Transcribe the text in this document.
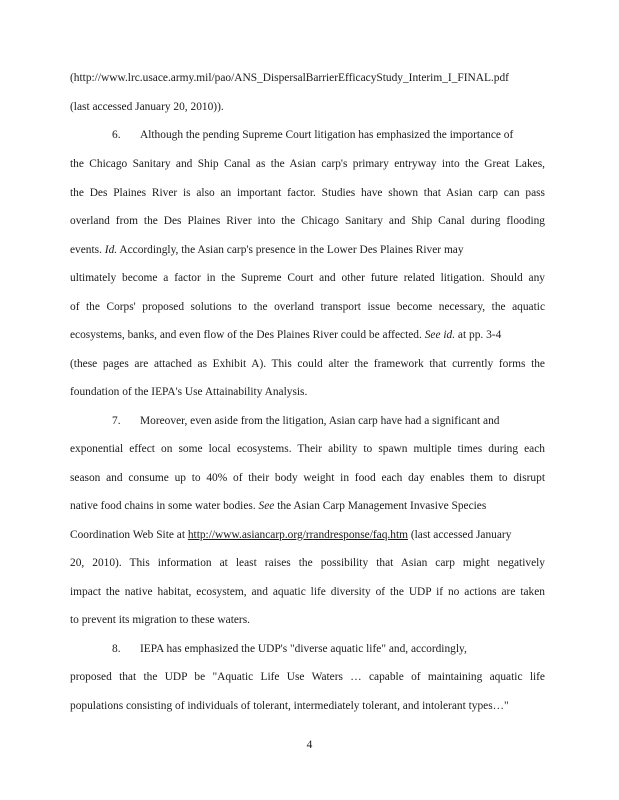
(http://www.lrc.usace.army.mil/pao/ANS_DispersalBarrierEfficacyStudy_Interim_I_FINAL.pdf
(last accessed January 20, 2010)).
6. Although the pending Supreme Court litigation has emphasized the importance of
the Chicago Sanitary and Ship Canal as the Asian carp's primary entryway into the Great Lakes,
the Des Plaines River is also an important factor. Studies have shown that Asian carp can pass
overland from the Des Plaines River into the Chicago Sanitary and Ship Canal during flooding
events. Id. Accordingly, the Asian carp's presence in the Lower Des Plaines River may
ultimately become a factor in the Supreme Court and other future related litigation. Should any
of the Corps' proposed solutions to the overland transport issue become necessary, the aquatic
ecosystems, banks, and even flow of the Des Plaines River could be affected. See id. at pp. 3-4
(these pages are attached as Exhibit A). This could alter the framework that currently forms the
foundation of the IEPA's Use Attainability Analysis.
7. Moreover, even aside from the litigation, Asian carp have had a significant and
exponential effect on some local ecosystems. Their ability to spawn multiple times during each
season and consume up to 40% of their body weight in food each day enables them to disrupt
native food chains in some water bodies. See the Asian Carp Management Invasive Species
Coordination Web Site at http://www.asiancarp.org/rrandresponse/faq.htm (last accessed January
20, 2010). This information at least raises the possibility that Asian carp might negatively
impact the native habitat, ecosystem, and aquatic life diversity of the UDP if no actions are taken
to prevent its migration to these waters.
8. IEPA has emphasized the UDP's "diverse aquatic life" and, accordingly,
proposed that the UDP be "Aquatic Life Use Waters … capable of maintaining aquatic life
populations consisting of individuals of tolerant, intermediately tolerant, and intolerant types…"
4
